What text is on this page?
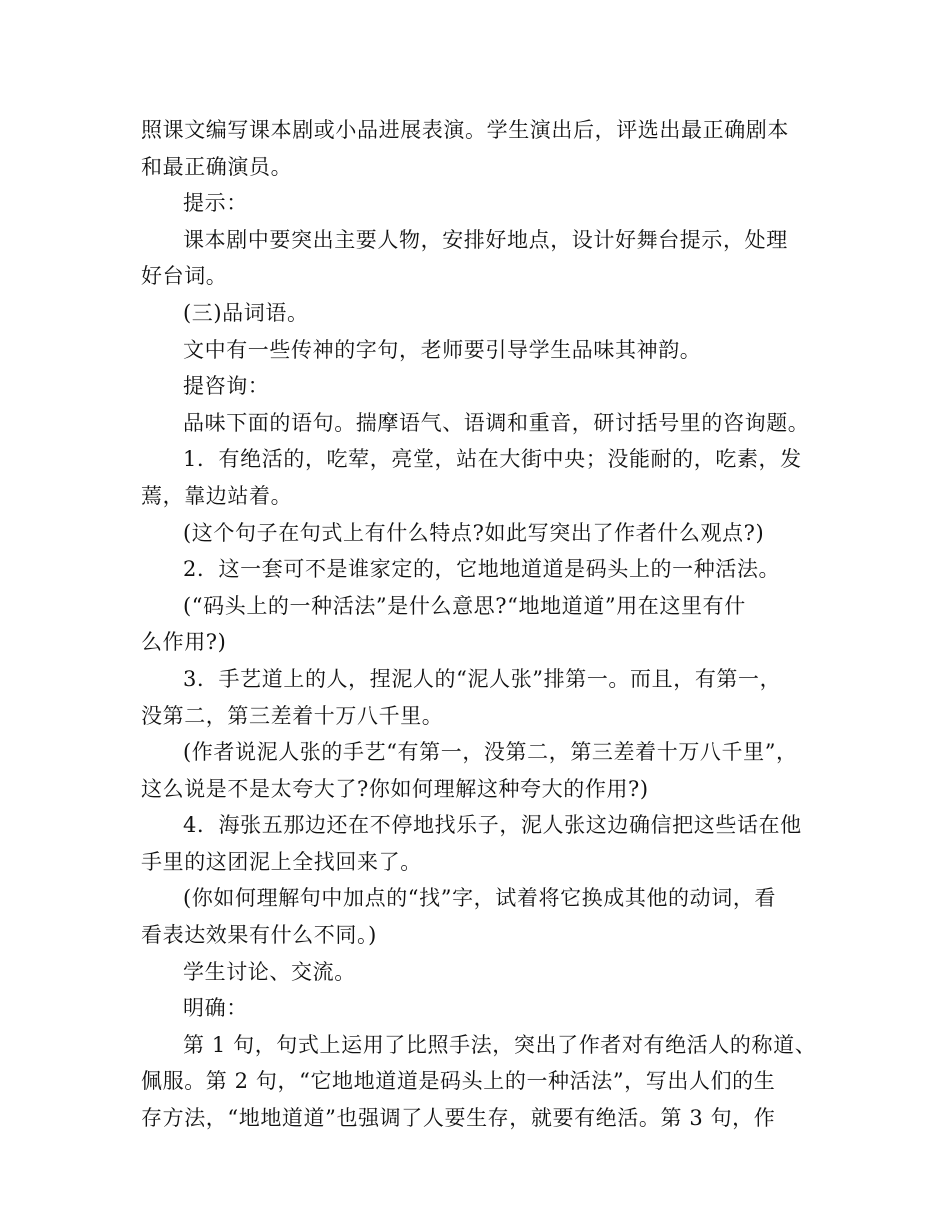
照课文编写课本剧或小品进展表演。学生演出后，评选出最正确剧本
和最正确演员。
提示：
课本剧中要突出主要人物，安排好地点，设计好舞台提示，处理
好台词。
(三)品词语。
文中有一些传神的字句，老师要引导学生品味其神韵。
提咨询：
品味下面的语句。揣摩语气、语调和重音，研讨括号里的咨询题。
1．有绝活的，吃荤，亮堂，站在大街中央；没能耐的，吃素，发
蔫，靠边站着。
(这个句子在句式上有什么特点?如此写突出了作者什么观点?)
2．这一套可不是谁家定的，它地地道道是码头上的一种活法。
(“码头上的一种活法”是什么意思?“地地道道”用在这里有什
么作用?)
3．手艺道上的人，捏泥人的“泥人张”排第一。而且，有第一，
没第二，第三差着十万八千里。
(作者说泥人张的手艺“有第一，没第二，第三差着十万八千里”，
这么说是不是太夸大了?你如何理解这种夸大的作用?)
4．海张五那边还在不停地找乐子，泥人张这边确信把这些话在他
手里的这团泥上全找回来了。
(你如何理解句中加点的“找”字，试着将它换成其他的动词，看
看表达效果有什么不同。)
学生讨论、交流。
明确：
第 1 句，句式上运用了比照手法，突出了作者对有绝活人的称道、
佩服。第 2 句，“它地地道道是码头上的一种活法”，写出人们的生
存方法，“地地道道”也强调了人要生存，就要有绝活。第 3 句，作
